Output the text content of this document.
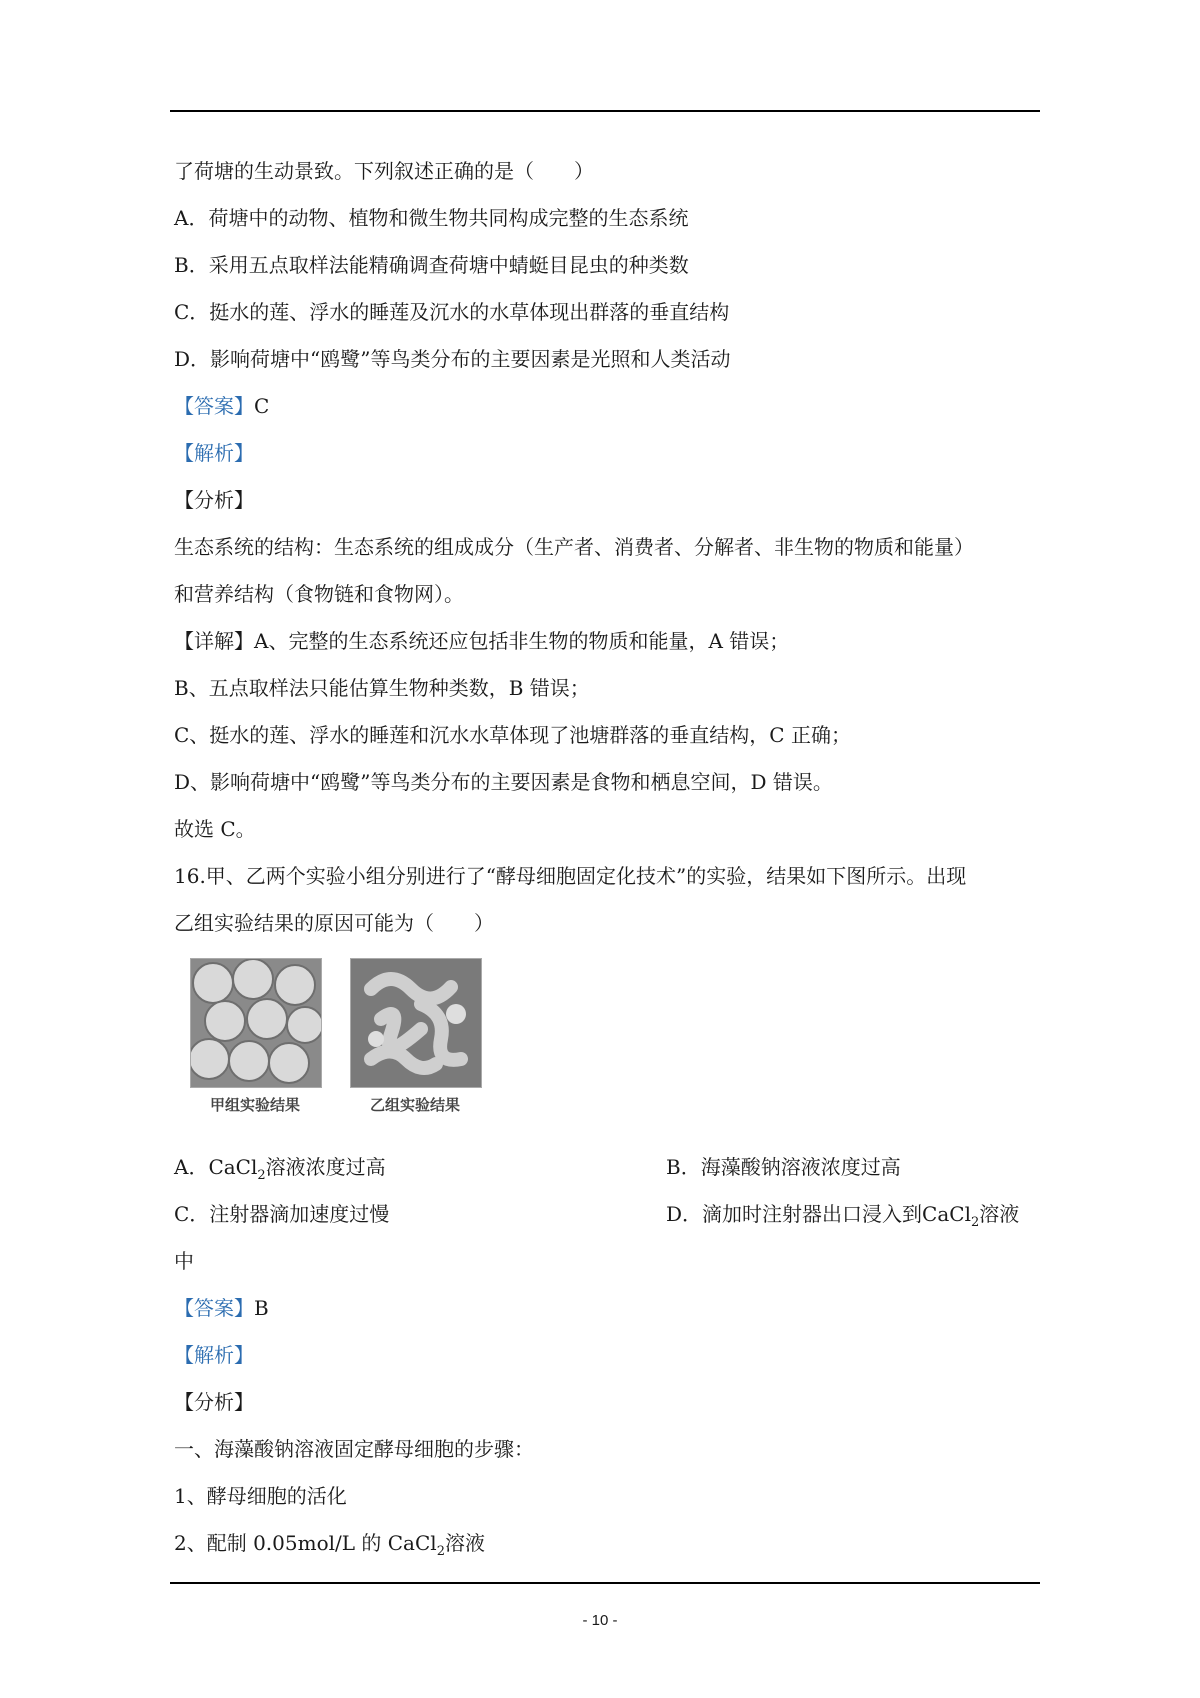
了荷塘的生动景致。下列叙述正确的是（　　）
A．荷塘中的动物、植物和微生物共同构成完整的生态系统
B．采用五点取样法能精确调查荷塘中蜻蜓目昆虫的种类数
C．挺水的莲、浮水的睡莲及沉水的水草体现出群落的垂直结构
D．影响荷塘中“鸥鹭”等鸟类分布的主要因素是光照和人类活动
【答案】C
【解析】
【分析】
生态系统的结构：生态系统的组成成分（生产者、消费者、分解者、非生物的物质和能量）
和营养结构（食物链和食物网）。
【详解】A、完整的生态系统还应包括非生物的物质和能量，A 错误；
B、五点取样法只能估算生物种类数，B 错误；
C、挺水的莲、浮水的睡莲和沉水水草体现了池塘群落的垂直结构，C 正确；
D、影响荷塘中“鸥鹭”等鸟类分布的主要因素是食物和栖息空间，D 错误。
故选 C。
16.甲、乙两个实验小组分别进行了“酵母细胞固定化技术”的实验，结果如下图所示。出现
乙组实验结果的原因可能为（　　）
甲组实验结果	乙组实验结果
A．CaCl$_2$溶液浓度过高	B．海藻酸钠溶液浓度过高
C．注射器滴加速度过慢	D．滴加时注射器出口浸入到CaCl$_2$溶液
中
【答案】B
【解析】
【分析】
一、海藻酸钠溶液固定酵母细胞的步骤：
1、酵母细胞的活化
2、配制 0.05mol/L 的 CaCl$_2$溶液
- 10 -
